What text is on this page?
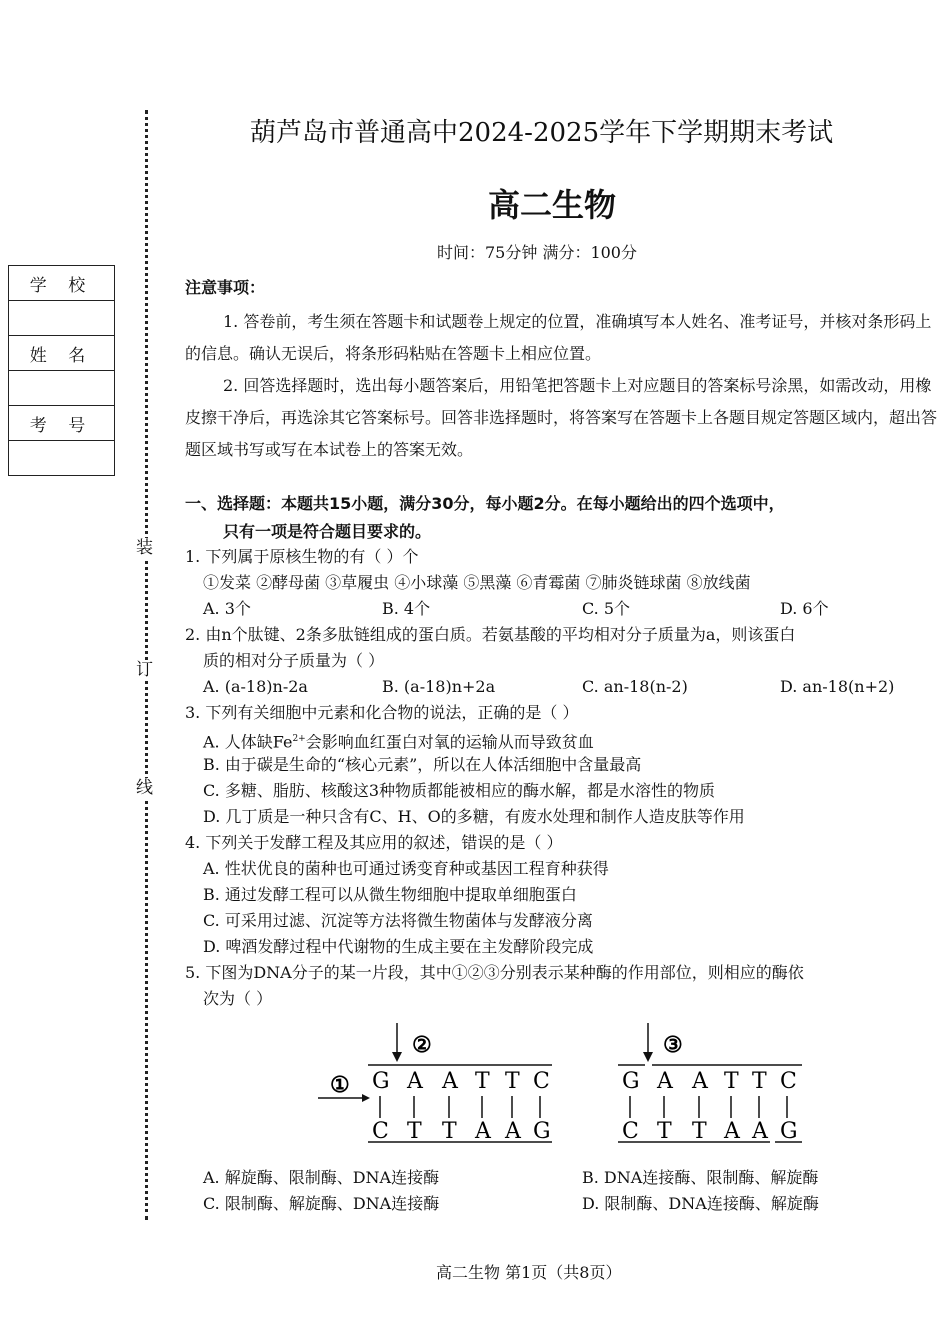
装
订
线
学 校

姓 名

考 号

葫芦岛市普通高中2024-2025学年下学期期末考试
高二生物
时间：75分钟 满分：100分
注意事项：
1. 答卷前，考生须在答题卡和试题卷上规定的位置，准确填写本人姓名、准考证号，并核对条形码上的信息。确认无误后，将条形码粘贴在答题卡上相应位置。
2. 回答选择题时，选出每小题答案后，用铅笔把答题卡上对应题目的答案标号涂黑，如需改动，用橡皮擦干净后，再选涂其它答案标号。回答非选择题时，将答案写在答题卡上各题目规定答题区域内，超出答题区域书写或写在本试卷上的答案无效。
一、选择题：本题共15小题，满分30分，每小题2分。在每小题给出的四个选项中，
只有一项是符合题目要求的。
1. 下列属于原核生物的有（ ）个
①发菜 ②酵母菌 ③草履虫 ④小球藻 ⑤黑藻 ⑥青霉菌 ⑦肺炎链球菌 ⑧放线菌
A. 3个	B. 4个	C. 5个	D. 6个
2. 由n个肽键、2条多肽链组成的蛋白质。若氨基酸的平均相对分子质量为a，则该蛋白
质的相对分子质量为（ ）
A. (a-18)n-2a	B. (a-18)n+2a	C. an-18(n-2)	D. an-18(n+2)
3. 下列有关细胞中元素和化合物的说法，正确的是（ ）
A. 人体缺$Fe^{2+}$会影响血红蛋白对氧的运输从而导致贫血
B. 由于碳是生命的“核心元素”，所以在人体活细胞中含量最高
C. 多糖、脂肪、核酸这3种物质都能被相应的酶水解，都是水溶性的物质
D. 几丁质是一种只含有C、H、O的多糖，有废水处理和制作人造皮肤等作用
4. 下列关于发酵工程及其应用的叙述，错误的是（ ）
A. 性状优良的菌种也可通过诱变育种或基因工程育种获得
B. 通过发酵工程可以从微生物细胞中提取单细胞蛋白
C. 可采用过滤、沉淀等方法将微生物菌体与发酵液分离
D. 啤酒发酵过程中代谢物的生成主要在主发酵阶段完成
5. 下图为DNA分子的某一片段，其中①②③分别表示某种酶的作用部位，则相应的酶依
次为（ ）
②
① G A A T T C
C T T A A G
③
G A A T T C
C T T A A G
A. 解旋酶、限制酶、DNA连接酶	B. DNA连接酶、限制酶、解旋酶
C. 限制酶、解旋酶、DNA连接酶	D. 限制酶、DNA连接酶、解旋酶
高二生物 第1页（共8页）
